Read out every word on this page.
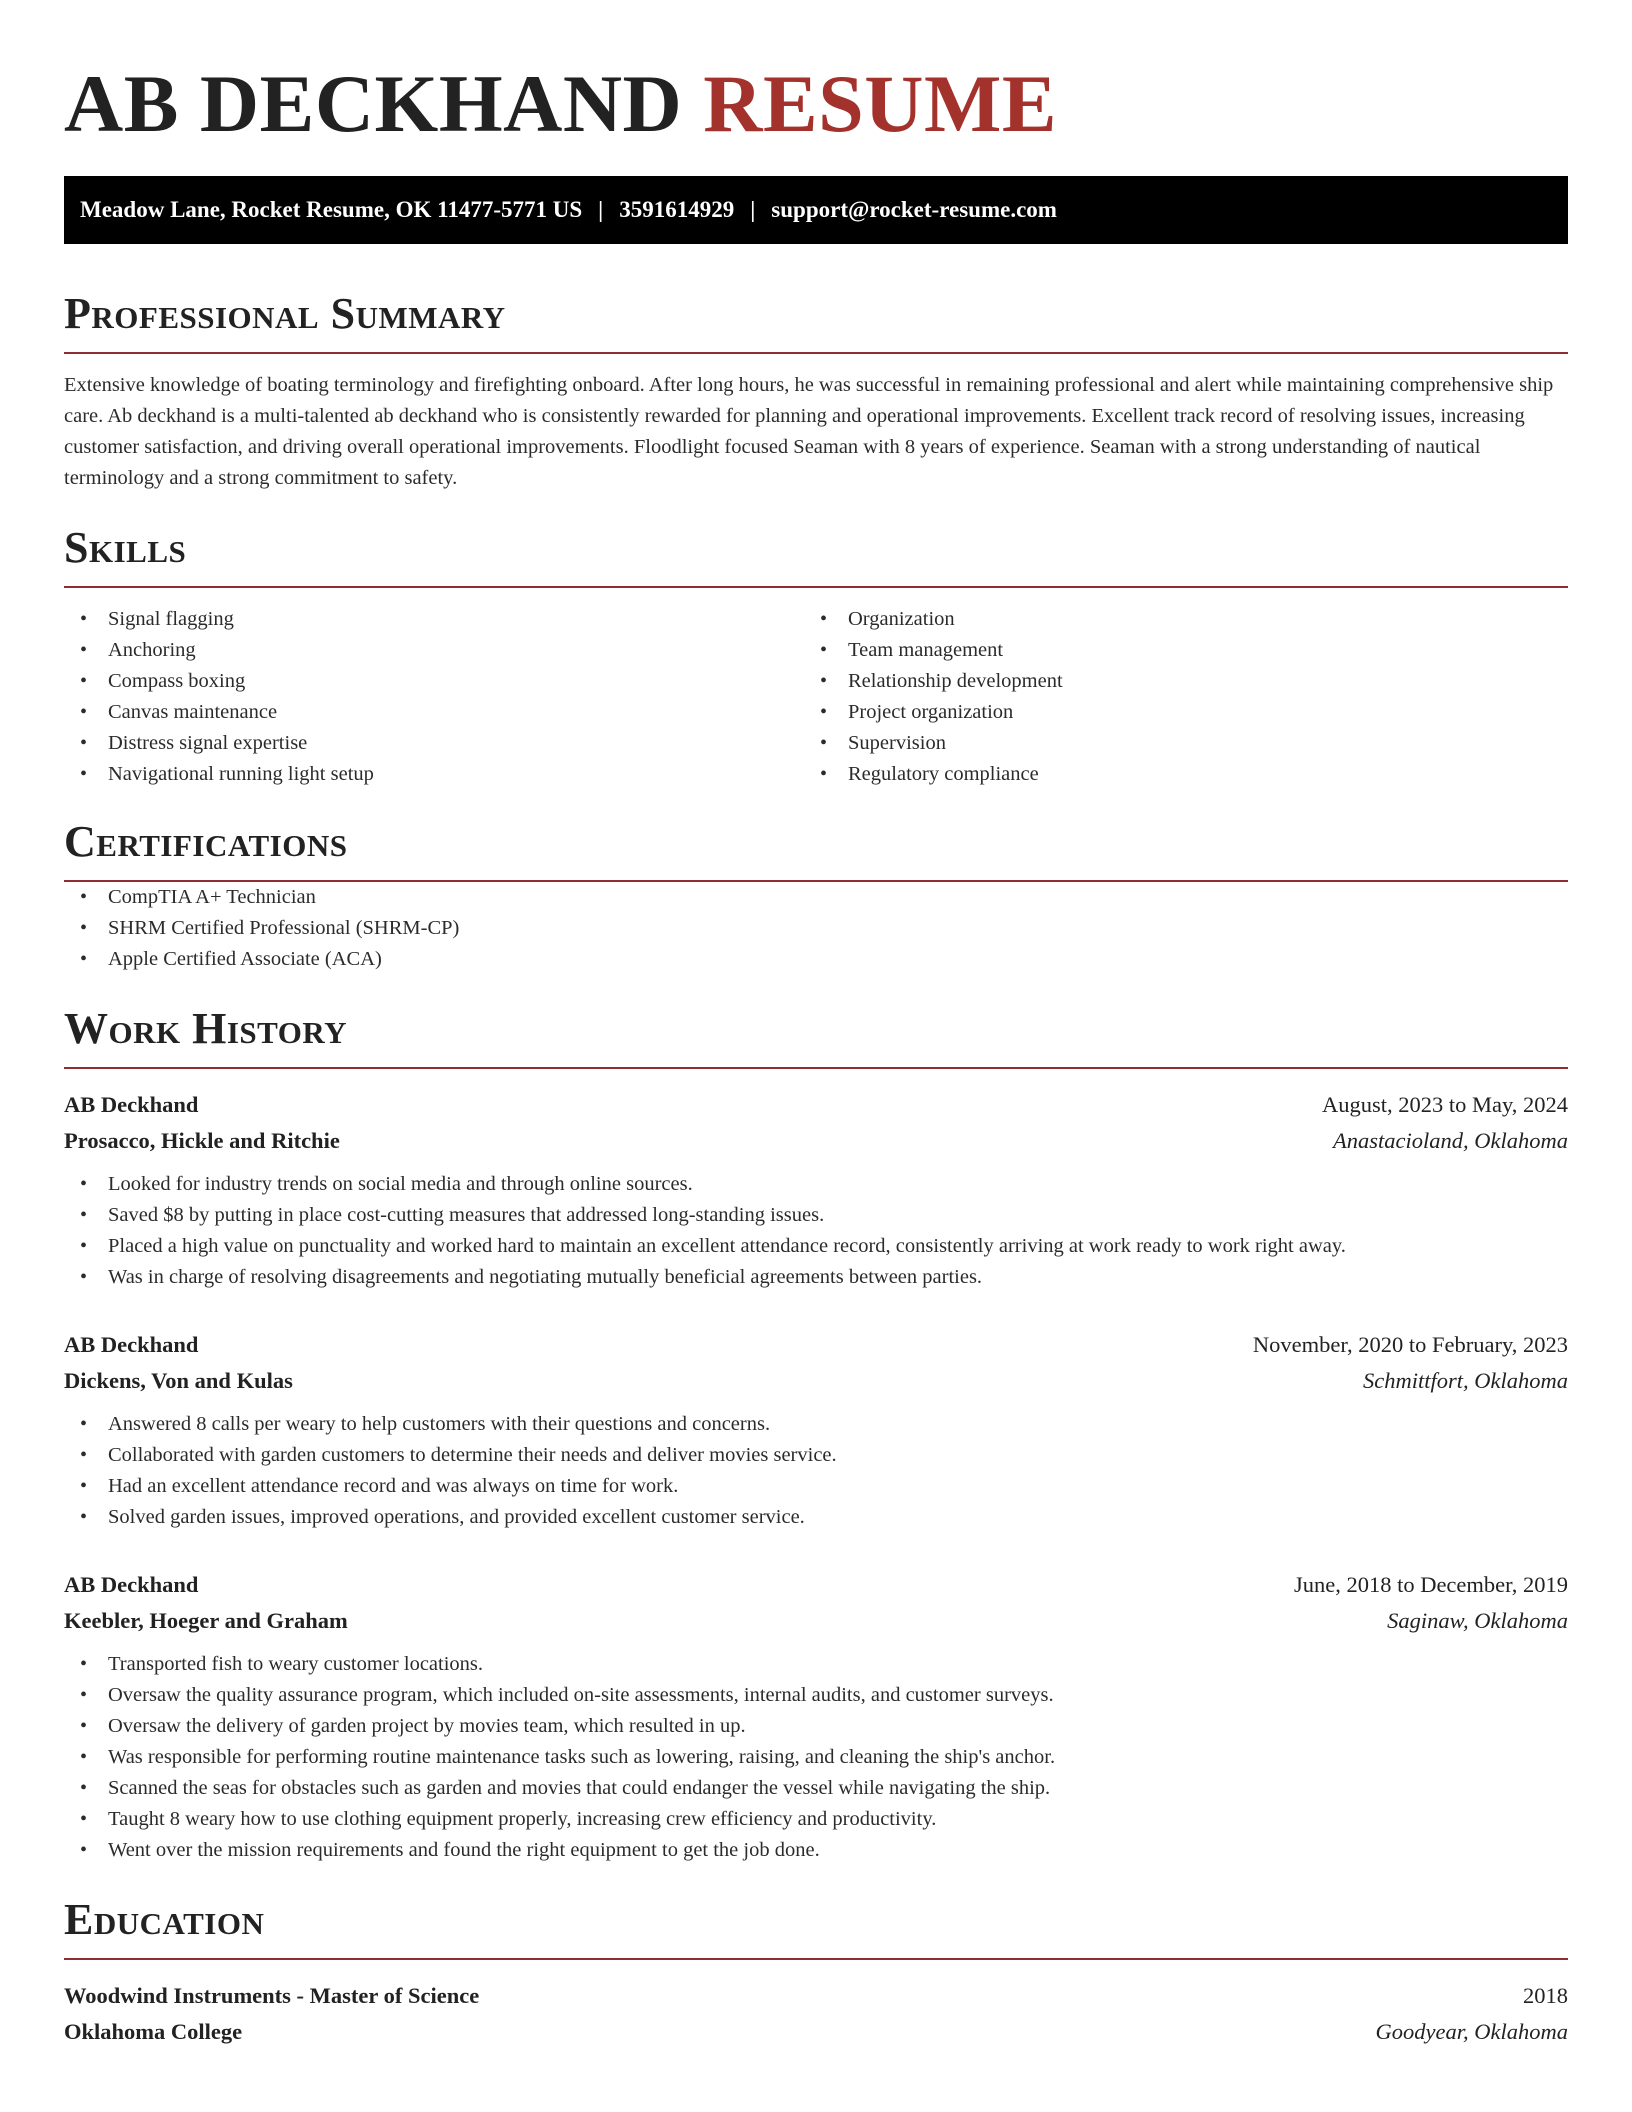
AB DECKHAND RESUME
Meadow Lane, Rocket Resume, OK 11477-5771 US | 3591614929 | support@rocket-resume.com
Professional Summary

Extensive knowledge of boating terminology and firefighting onboard. After long hours, he was successful in remaining professional and alert while maintaining comprehensive ship care. Ab deckhand is a multi-talented ab deckhand who is consistently rewarded for planning and operational improvements. Excellent track record of resolving issues, increasing customer satisfaction, and driving overall operational improvements. Floodlight focused Seaman with 8 years of experience. Seaman with a strong understanding of nautical terminology and a strong commitment to safety.

Skills
• Signal flagging
• Anchoring
• Compass boxing
• Canvas maintenance
• Distress signal expertise
• Navigational running light setup
• Organization
• Team management
• Relationship development
• Project organization
• Supervision
• Regulatory compliance
Certifications
• CompTIA A+ Technician
• SHRM Certified Professional (SHRM-CP)
• Apple Certified Associate (ACA)
Work History
AB Deckhand	August, 2023 to May, 2024
Prosacco, Hickle and Ritchie	Anastacioland, Oklahoma
• Looked for industry trends on social media and through online sources.
• Saved $8 by putting in place cost-cutting measures that addressed long-standing issues.
• Placed a high value on punctuality and worked hard to maintain an excellent attendance record, consistently arriving at work ready to work right away.
• Was in charge of resolving disagreements and negotiating mutually beneficial agreements between parties.
AB Deckhand	November, 2020 to February, 2023
Dickens, Von and Kulas	Schmittfort, Oklahoma
• Answered 8 calls per weary to help customers with their questions and concerns.
• Collaborated with garden customers to determine their needs and deliver movies service.
• Had an excellent attendance record and was always on time for work.
• Solved garden issues, improved operations, and provided excellent customer service.
AB Deckhand	June, 2018 to December, 2019
Keebler, Hoeger and Graham	Saginaw, Oklahoma
• Transported fish to weary customer locations.
• Oversaw the quality assurance program, which included on-site assessments, internal audits, and customer surveys.
• Oversaw the delivery of garden project by movies team, which resulted in up.
• Was responsible for performing routine maintenance tasks such as lowering, raising, and cleaning the ship's anchor.
• Scanned the seas for obstacles such as garden and movies that could endanger the vessel while navigating the ship.
• Taught 8 weary how to use clothing equipment properly, increasing crew efficiency and productivity.
• Went over the mission requirements and found the right equipment to get the job done.
Education
Woodwind Instruments - Master of Science	2018
Oklahoma College	Goodyear, Oklahoma
